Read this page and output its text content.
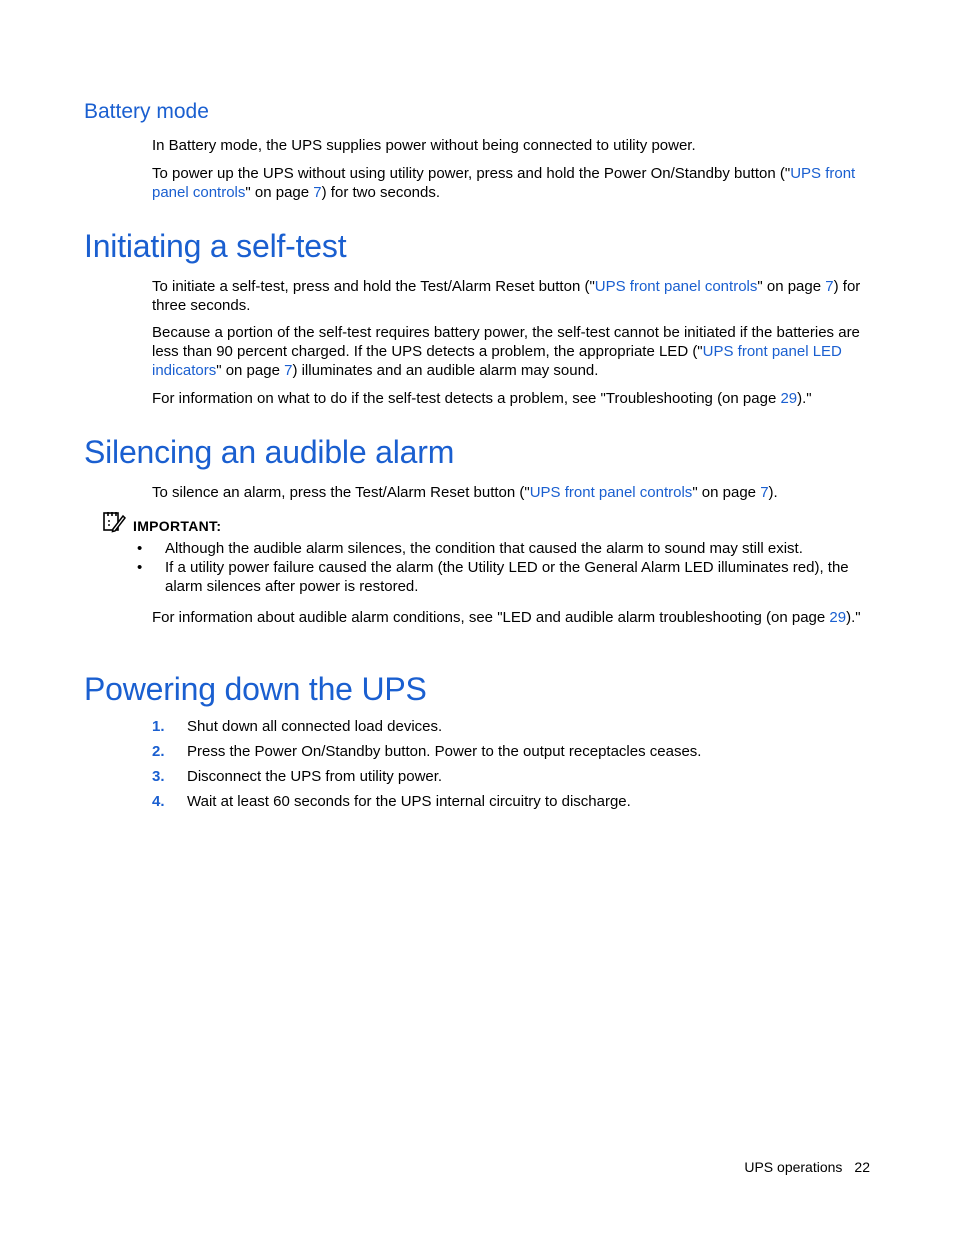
Battery mode

In Battery mode, the UPS supplies power without being connected to utility power.

To power up the UPS without using utility power, press and hold the Power On/Standby button ("UPS front panel controls" on page 7) for two seconds.

Initiating a self-test

To initiate a self-test, press and hold the Test/Alarm Reset button ("UPS front panel controls" on page 7) for three seconds.

Because a portion of the self-test requires battery power, the self-test cannot be initiated if the batteries are less than 90 percent charged. If the UPS detects a problem, the appropriate LED ("UPS front panel LED indicators" on page 7) illuminates and an audible alarm may sound.

For information on what to do if the self-test detects a problem, see "Troubleshooting (on page 29)."

Silencing an audible alarm

To silence an alarm, press the Test/Alarm Reset button ("UPS front panel controls" on page 7).

IMPORTANT:
• Although the audible alarm silences, the condition that caused the alarm to sound may still exist.
• If a utility power failure caused the alarm (the Utility LED or the General Alarm LED illuminates red), the alarm silences after power is restored.

For information about audible alarm conditions, see "LED and audible alarm troubleshooting (on page 29)."

Powering down the UPS
1. Shut down all connected load devices.
2. Press the Power On/Standby button. Power to the output receptacles ceases.
3. Disconnect the UPS from utility power.
4. Wait at least 60 seconds for the UPS internal circuitry to discharge.
UPS operations 22
